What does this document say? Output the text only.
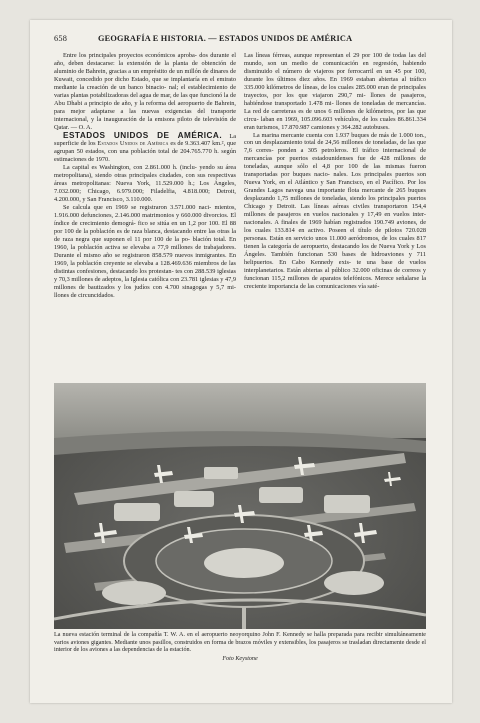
658	GEOGRAFÍA E HISTORIA. — ESTADOS UNIDOS DE AMÉRICA

Entre los principales proyectos económicos aproba- dos durante el año, deben destacarse: la extensión de la planta de obtención de aluminio de Bahrein, gracias a un empréstito de un millón de dinares de Kuwait, concedido por dicho Estado, que se implantaría en el emirato mediante la creación de un banco binacio- nal; el establecimiento de varias plantas potabilizadoras del agua de mar, de las que funcionó la de Abu Dhabi a principio de año, y la reforma del aeropuerto de Bahrein, para mejor adaptarse a las nuevas exigencias del transporte internacional, y la inauguración de la emisora piloto de televisión de Qatar. — O. A.

ESTADOS UNIDOS DE AMÉRICA. La superficie de los Estados Unidos de América es de 9.363.407 km.², que agrupan 50 estados, con una población total de 204.765.770 h. según estimaciones de 1970.

La capital es Washington, con 2.861.000 h. (inclu- yendo su área metropolitana), siendo otras principales ciudades, con sus respectivas áreas metropolitanas: Nueva York, 11.529.000 h.; Los Ángeles, 7.032.000; Chicago, 6.979.000; Filadelfia, 4.818.000; Detroit, 4.200.000, y San Francisco, 3.110.000.

Se calcula que en 1969 se registraron 3.571.000 naci- mientos, 1.916.000 defunciones, 2.146.000 matrimonios y 660.000 divorcios. El índice de crecimiento demográ- fico se sitúa en un 1,2 por 100. El 88 por 100 de la población es de raza blanca, destacando entre las otras la de raza negra que suponen el 11 por 100 de la po- blación total. En 1960, la población activa se elevaba a 77,9 millones de trabajadores. Durante el mismo año se registraron 858.579 nuevos inmigrantes. En 1969, la población creyente se elevaba a 128.469.636 miembros de las distintas confesiones, destacando los protestan- tes con 288.539 iglesias y 70,3 millones de adeptos, la Iglesia católica con 23.781 iglesias y 47,9 millones de bautizados y los judíos con 4.700 sinagogas y 5,7 mi- llones de circuncidados.

Las líneas férreas, aunque representan el 29 por 100 de todas las del mundo, son un medio de comunicación en regresión, habiendo disminuido el número de viajeros por ferrocarril en un 45 por 100, durante los últimos diez años. En 1969 estaban abiertas al tráfico 335.000 kilómetros de líneas, de los cuales 285.000 eran de principales trayectos, por los que viajaron 290,7 mi- llones de pasajeros, habiéndose transportado 1.478 mi- llones de toneladas de mercancías. La red de carreteras es de unos 6 millones de kilómetros, por las que circu- laban en 1969, 105.096.603 vehículos, de los cuales 86.861.334 eran turismos, 17.870.987 camiones y 364.282 autobuses.

La marina mercante cuenta con 1.937 buques de más de 1.000 ton., con un desplazamiento total de 24,56 millones de toneladas, de las que 7,6 corres- ponden a 305 petroleros. El tráfico internacional de mercancías por puertos estadounidenses fue de 428 millones de toneladas, aunque sólo el 4,8 por 100 de las mismas fueron transportadas por buques nacio- nales. Los principales puertos son Nueva York, en el Atlántico y San Francisco, en el Pacífico. Por los Grandes Lagos navega una importante flota mercante de 265 buques desplazando 1,75 millones de toneladas, siendo los principales puertos Chicago y Detroit. Las líneas aéreas civiles transportaron 154,4 millones de pasajeros en vuelos nacionales y 17,49 en vuelos inter- nacionales. A finales de 1969 habían registrados 190.749 aviones, de los cuales 133.814 en activo. Poseen el título de pilotos 720.028 personas. Están en servicio unos 11.000 aeródromos, de los cuales 817 tienen la categoría de aeropuerto, destacando los de Nueva York y Los Ángeles. También funcionan 530 bases de hidroaviones y 711 helipuertos. En Cabo Kennedy exis- te una base de vuelos interplanetarios. Están abiertas al público 32.000 oficinas de correos y funcionan 115,2 millones de aparatos telefónicos. Merece señalarse la creciente importancia de las comunicaciones vía saté-

La nueva estación terminal de la compañía T. W. A. en el aeropuerto neoyorquino John F. Kennedy se halla preparada para recibir simultáneamente varios aviones gigantes. Mediante unos pasillos, construidos en forma de brazos móviles y extensibles, los pasajeros se trasladan directamente desde el interior de los aviones a las dependencias de la estación.
Foto Keystone
